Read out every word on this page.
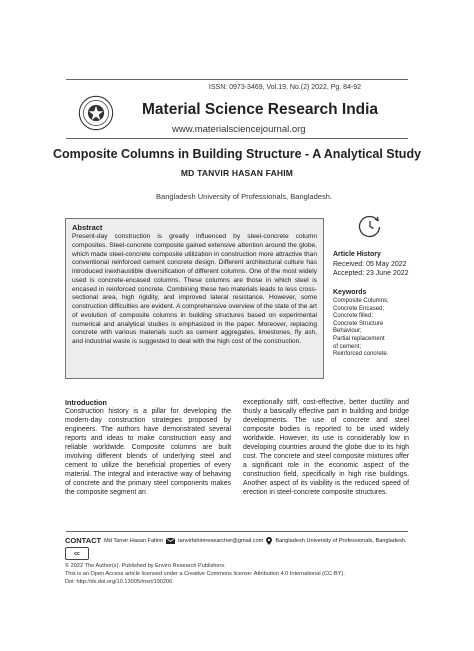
ISSN: 0973-3469, Vol.19, No.(2) 2022, Pg. 84-92
Material Science Research India
www.materialsciencejournal.org
Composite Columns in Building Structure - A Analytical Study
MD TANVIR HASAN FAHIM
Bangladesh University of Professionals, Bangladesh.
Abstract
Present-day construction is greatly influenced by steel-concrete column composites. Steel-concrete composite gained extensive attention around the globe, which made steel-concrete composite utilization in construction more attractive than conventional reinforced cement concrete design. Different architectural culture has introduced inexhaustible diversification of different columns. One of the most widely used is concrete-encased columns. These columns are those in which steel is encased in reinforced concrete. Combining these two materials leads to less cross-sectional area, high rigidity, and improved lateral resistance. However, some construction difficulties are evident. A comprehensive overview of the state of the art of evolution of composite columns in building structures based on experimental numerical and analytical studies is emphasized in the paper. Moreover, replacing concrete with various materials such as cement aggregates, limestones, fly ash, and industrial waste is suggested to deal with the high cost of the construction.
Article History
Received: 05 May 2022
Accepted: 23 June 2022
Keywords
Composite Columns;
Concrete Encased;
Concrete filled;
Concrete Structure
Behaviour;
Partial replacement
of cement;
Reinforced concrete.
Introduction
Construction history is a pillar for developing the modern-day construction strategies proposed by engineers. The authors have demonstrated several reports and ideas to make construction easy and reliable worldwide. Composite columns are built involving different blends of underlying steel and cement to utilize the beneficial properties of every material. The integral and interactive way of behaving of concrete and the primary steel components makes the composite segment an
exceptionally stiff, cost-effective, better ductility and thusly a basically effective part in building and bridge developments. The use of concrete and steel composite bodies is reported to be used widely worldwide. However, its use is considerably low in developing countries around the globe due to its high cost. The concrete and steel composite mixtures offer a significant role in the economic aspect of the construction field, specifically in high rise buildings. Another aspect of its viability is the reduced speed of erection in steel-concrete composite structures.
CONTACT Md Tanvir Hasan Fahim	tanvirfahimresearcher@gmail.com Bangladesh University of Professionals, Bangladesh.
cc
© 2022 The Author(s). Published by Enviro Research Publishers.
This is an Open Access article licensed under a Creative Commons license: Attribution 4.0 International (CC-BY).
Doi: http://dx.doi.org/10.13005/msri/190206
